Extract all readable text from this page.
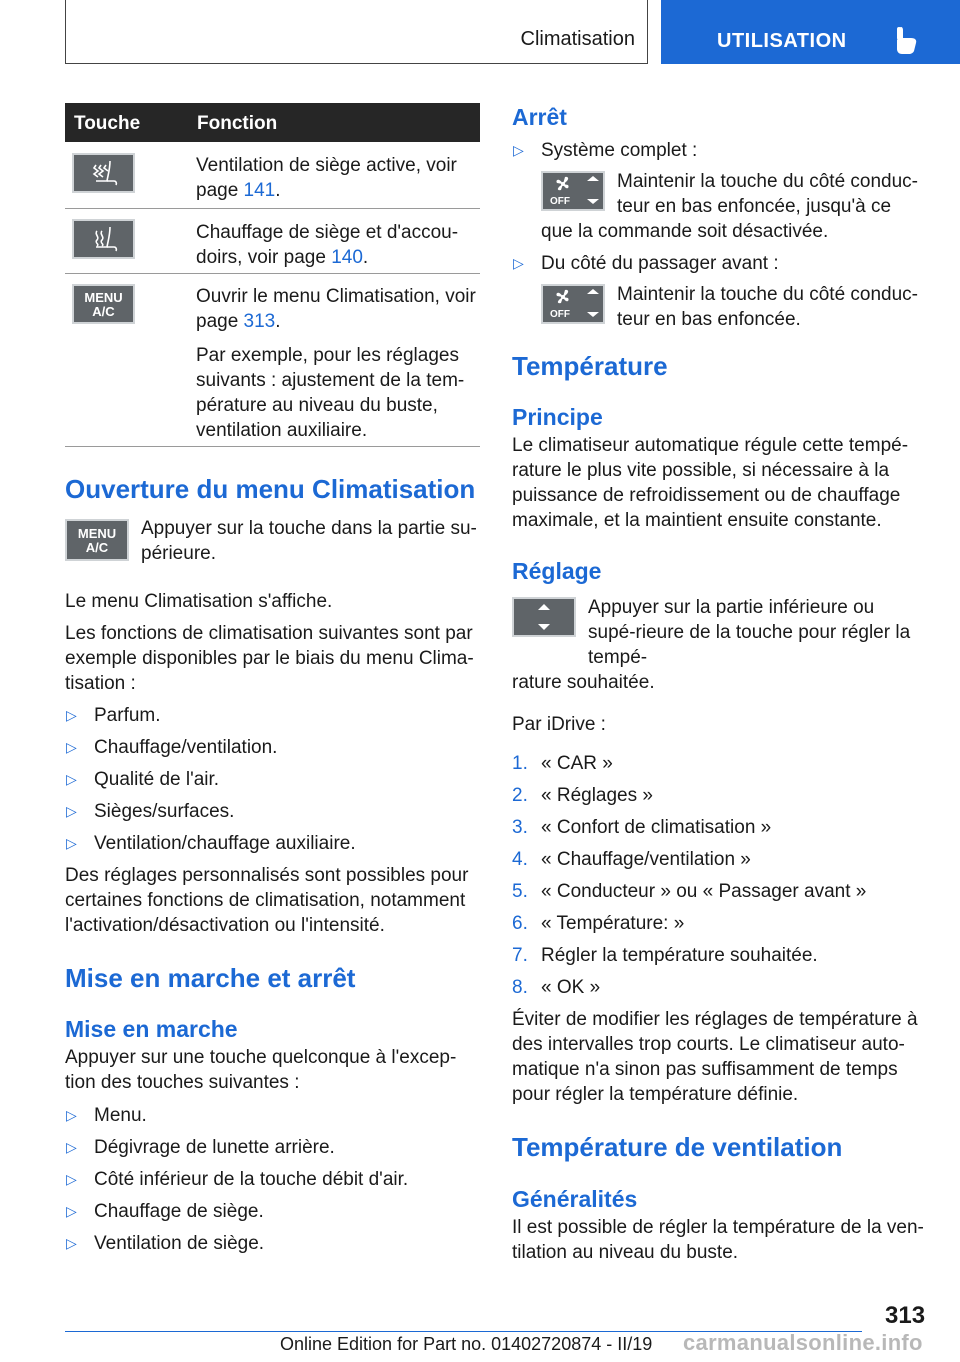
Climatisation	UTILISATION
Touche	Fonction
Ventilation de siège active, voir page 141.
Chauffage de siège et d'accou-doirs, voir page 140.
MENU
A/C
Ouvrir le menu Climatisation, voir page 313.

Par exemple, pour les réglages suivants : ajustement de la tem-pérature au niveau du buste, ventilation auxiliaire.

Ouverture du menu Climatisation
MENU
A/C

Appuyer sur la touche dans la partie su-périeure.

Le menu Climatisation s'affiche.

Les fonctions de climatisation suivantes sont par exemple disponibles par le biais du menu Clima-tisation :

▷ Parfum.
▷ Chauffage/ventilation.
▷ Qualité de l'air.
▷ Sièges/surfaces.
▷ Ventilation/chauffage auxiliaire.

Des réglages personnalisés sont possibles pour certaines fonctions de climatisation, notamment l'activation/désactivation ou l'intensité.

Mise en marche et arrêt
Mise en marche

Appuyer sur une touche quelconque à l'excep-tion des touches suivantes :

▷ Menu.
▷ Dégivrage de lunette arrière.
▷ Côté inférieur de la touche débit d'air.
▷ Chauffage de siège.
▷ Ventilation de siège.
Arrêt
▷ Système complet :
OFF

Maintenir la touche du côté conduc-teur en bas enfoncée, jusqu'à ce

que la commande soit désactivée.

▷ Du côté du passager avant :
OFF

Maintenir la touche du côté conduc-teur en bas enfoncée.

Température
Principe

Le climatiseur automatique régule cette tempé-rature le plus vite possible, si nécessaire à la puissance de refroidissement ou de chauffage maximale, et la maintient ensuite constante.

Réglage

Appuyer sur la partie inférieure ou supé-rieure de la touche pour régler la tempé-

rature souhaitée.

Par iDrive :

1. « CAR »
2. « Réglages »
3. « Confort de climatisation »
4. « Chauffage/ventilation »
5. « Conducteur » ou « Passager avant »
6. « Température: »
7. Régler la température souhaitée.
8. « OK »

Éviter de modifier les réglages de température à des intervalles trop courts. Le climatiseur auto-matique n'a sinon pas suffisamment de temps pour régler la température définie.

Température de ventilation
Généralités

Il est possible de régler la température de la ven-tilation au niveau du buste.

313
Online Edition for Part no. 01402720874 - II/19 carmanualsonline.info
